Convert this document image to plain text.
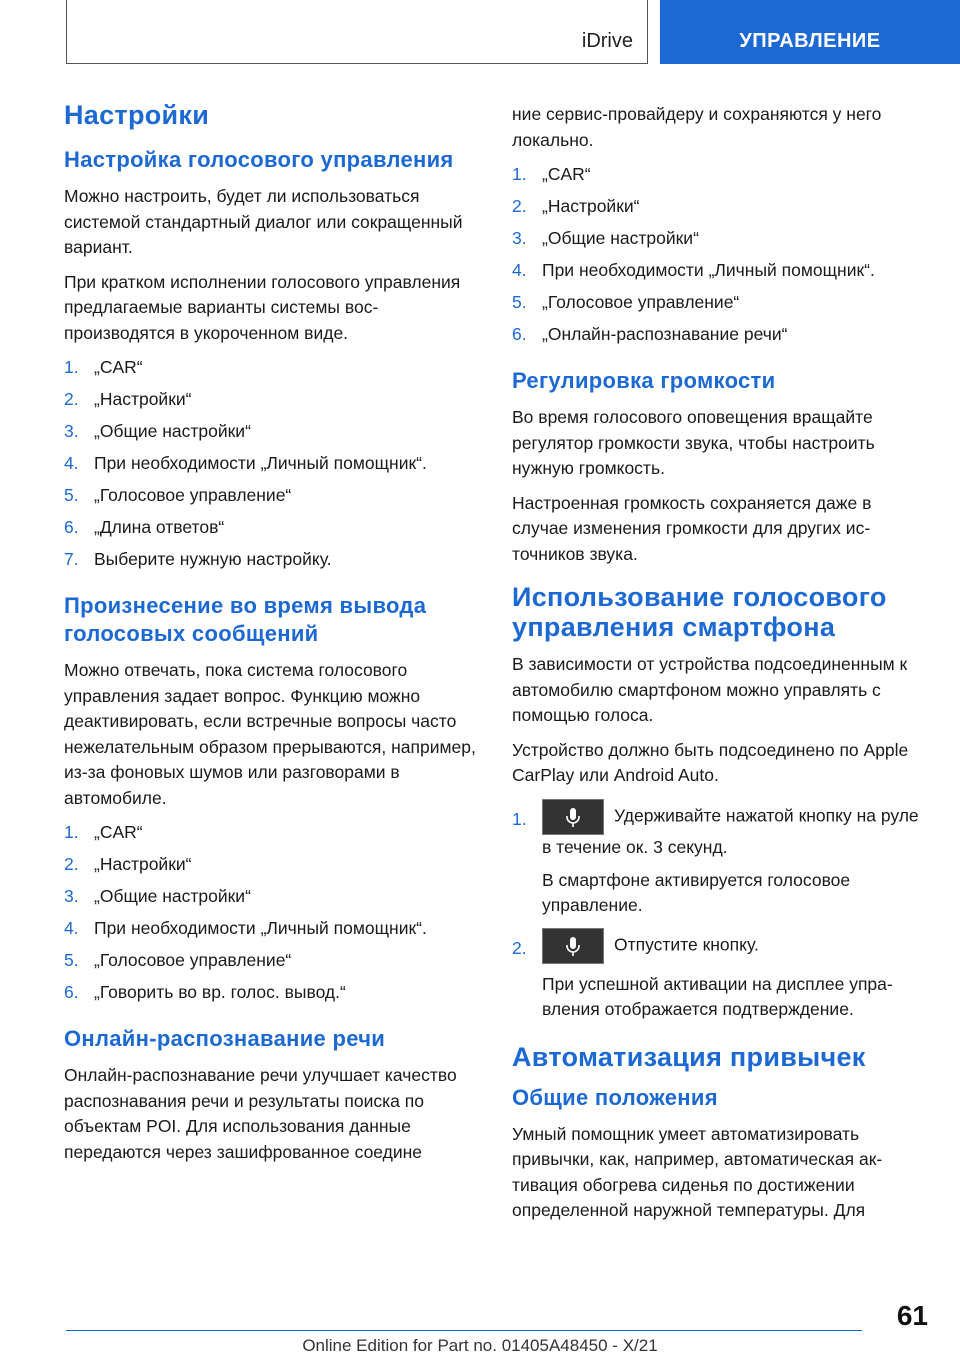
iDrive	УПРАВЛЕНИЕ
Настройки
Настройка голосового управления

Можно настроить, будет ли использоваться системой стандартный диалог или сокращенный вариант.

При кратком исполнении голосового управления предлагаемые варианты системы воспроизводятся в укороченном виде.

1. „CAR“
2. „Настройки“
3. „Общие настройки“
4. При необходимости „Личный помощник“.
5. „Голосовое управление“
6. „Длина ответов“
7. Выберите нужную настройку.
Произнесение во время вывода голосовых сообщений

Можно отвечать, пока система голосового управления задает вопрос. Функцию можно деактивировать, если встречные вопросы часто нежелательным образом прерываются, например, из-за фоновых шумов или разговорами в автомобиле.

1. „CAR“
2. „Настройки“
3. „Общие настройки“
4. При необходимости „Личный помощник“.
5. „Голосовое управление“
6. „Говорить во вр. голос. вывод.“
Онлайн-распознавание речи

Онлайн-распознавание речи улучшает качество распознавания речи и результаты поиска по объектам POI. Для использования данные передаются через зашифрованное соедине

ние сервис-провайдеру и сохраняются у него локально.

1. „CAR“
2. „Настройки“
3. „Общие настройки“
4. При необходимости „Личный помощник“.
5. „Голосовое управление“
6. „Онлайн-распознавание речи“
Регулировка громкости

Во время голосового оповещения вращайте регулятор громкости звука, чтобы настроить нужную громкость.

Настроенная громкость сохраняется даже в случае изменения громкости для других источников звука.

Использование голосового управления смартфона

В зависимости от устройства подсоединенным к автомобилю смартфоном можно управлять с помощью голоса.

Устройство должно быть подсоединено по Apple CarPlay или Android Auto.

1.	Удерживайте нажатой кнопку на руле в течение ок. 3 секунд.
В смартфоне активируется голосовое управление.
2.	Отпустите кнопку.
При успешной активации на дисплее управления отображается подтверждение.
Автоматизация привычек
Общие положения

Умный помощник умеет автоматизировать привычки, как, например, автоматическая активация обогрева сиденья по достижении определенной наружной температуры. Для

61
Online Edition for Part no. 01405A48450 - X/21
